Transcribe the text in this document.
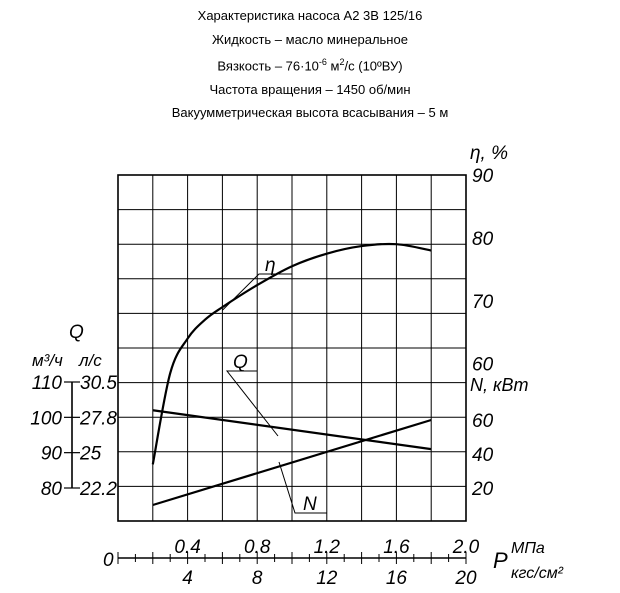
Характеристика насоса А2 3В 125/16
Жидкость – масло минеральное
Вязкость – $76\cdot 10^{-6}$ $м^2/с$ (10ºВУ)
Частота вращения – 1450 об/мин
Вакуумметрическая высота всасывания – 5 м
η
Q
N
60
70
80
90
η, %
N, кВт
20
40
60
110 30.5
100 27.8
90 25
80 22.2
Q
м³/ч л/с
0
0.4 0.8 1.2 1.6 2.0
4	8	12	16	20
P МПа
кгс/см²
